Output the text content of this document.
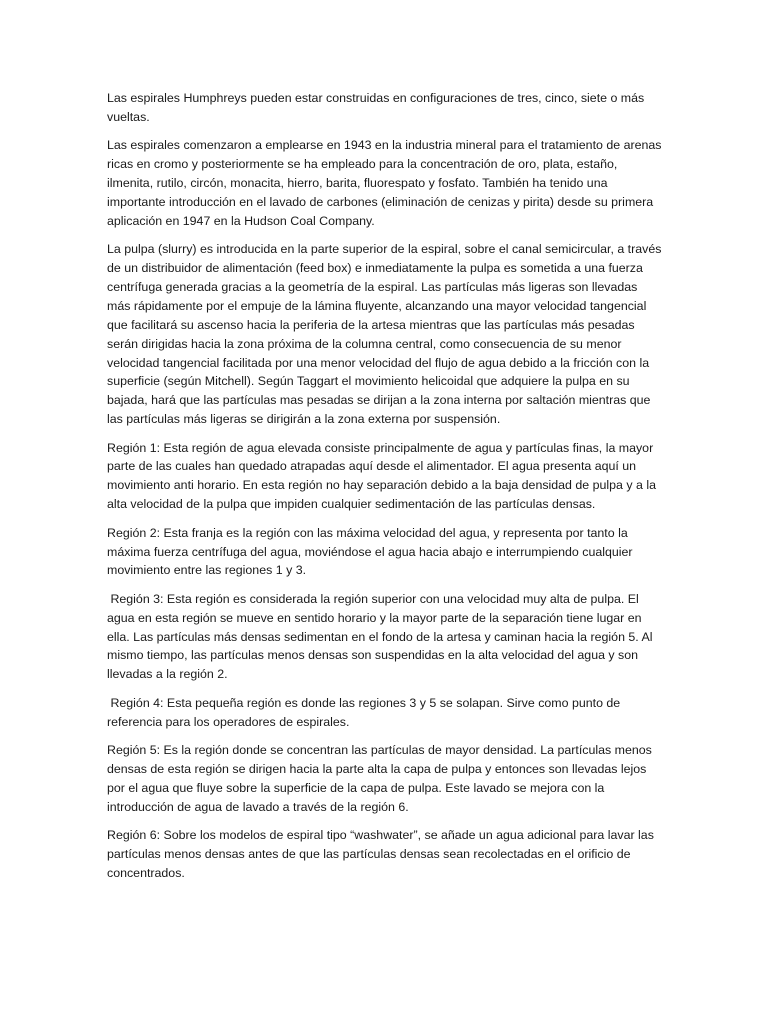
Las espirales Humphreys pueden estar construidas en configuraciones de tres, cinco, siete o más vueltas.

Las espirales comenzaron a emplearse en 1943 en la industria mineral para el tratamiento de arenas ricas en cromo y posteriormente se ha empleado para la concentración de oro, plata, estaño, ilmenita, rutilo, circón, monacita, hierro, barita, fluorespato y fosfato. También ha tenido una importante introducción en el lavado de carbones (eliminación de cenizas y pirita) desde su primera aplicación en 1947 en la Hudson Coal Company.

La pulpa (slurry) es introducida en la parte superior de la espiral, sobre el canal semicircular, a través de un distribuidor de alimentación (feed box) e inmediatamente la pulpa es sometida a una fuerza centrífuga generada gracias a la geometría de la espiral. Las partículas más ligeras son llevadas más rápidamente por el empuje de la lámina fluyente, alcanzando una mayor velocidad tangencial que facilitará su ascenso hacia la periferia de la artesa mientras que las partículas más pesadas serán dirigidas hacia la zona próxima de la columna central, como consecuencia de su menor velocidad tangencial facilitada por una menor velocidad del flujo de agua debido a la fricción con la superficie (según Mitchell). Según Taggart el movimiento helicoidal que adquiere la pulpa en su bajada, hará que las partículas mas pesadas se dirijan a la zona interna por saltación mientras que las partículas más ligeras se dirigirán a la zona externa por suspensión.

Región 1: Esta región de agua elevada consiste principalmente de agua y partículas finas, la mayor parte de las cuales han quedado atrapadas aquí desde el alimentador. El agua presenta aquí un movimiento anti horario. En esta región no hay separación debido a la baja densidad de pulpa y a la alta velocidad de la pulpa que impiden cualquier sedimentación de las partículas densas.

Región 2: Esta franja es la región con las máxima velocidad del agua, y representa por tanto la máxima fuerza centrífuga del agua, moviéndose el agua hacia abajo e interrumpiendo cualquier movimiento entre las regiones 1 y 3.

Región 3: Esta región es considerada la región superior con una velocidad muy alta de pulpa. El agua en esta región se mueve en sentido horario y la mayor parte de la separación tiene lugar en ella. Las partículas más densas sedimentan en el fondo de la artesa y caminan hacia la región 5. Al mismo tiempo, las partículas menos densas son suspendidas en la alta velocidad del agua y son llevadas a la región 2.

Región 4: Esta pequeña región es donde las regiones 3 y 5 se solapan. Sirve como punto de referencia para los operadores de espirales.

Región 5: Es la región donde se concentran las partículas de mayor densidad. La partículas menos densas de esta región se dirigen hacia la parte alta la capa de pulpa y entonces son llevadas lejos por el agua que fluye sobre la superficie de la capa de pulpa. Este lavado se mejora con la introducción de agua de lavado a través de la región 6.

Región 6: Sobre los modelos de espiral tipo “washwater”, se añade un agua adicional para lavar las partículas menos densas antes de que las partículas densas sean recolectadas en el orificio de concentrados.
